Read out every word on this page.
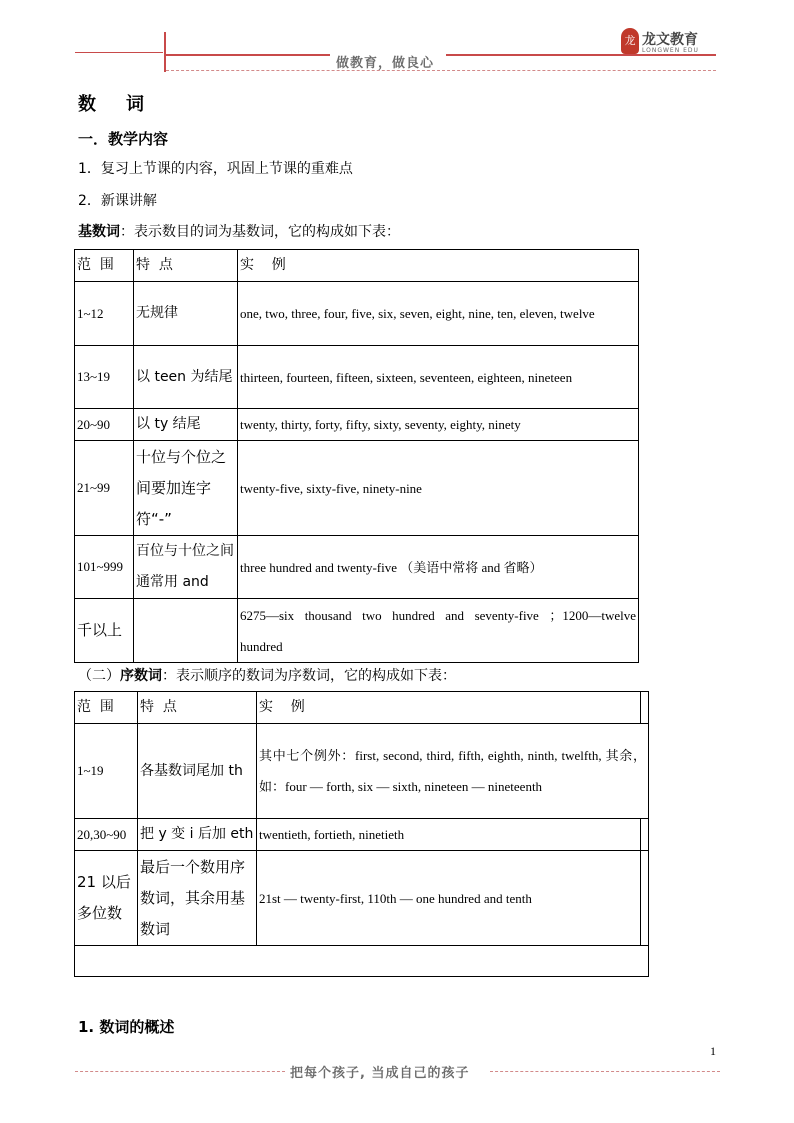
做教育，做良心
龙 龙文教育
LONGWEN EDU
数 词
一．教学内容
1．复习上节课的内容，巩固上节课的重难点
2．新课讲解
基数词：表示数目的词为基数词，它的构成如下表：
范  围	特  点	实    例
1~12	无规律	one, two, three, four, five, six, seven, eight, nine, ten, eleven, twelve
13~19	以 teen 为结尾	thirteen, fourteen, fifteen, sixteen, seventeen, eighteen, nineteen
20~90	以 ty 结尾	twenty, thirty, forty, fifty, sixty, seventy, eighty, ninety
21~99	十位与个位之间要加连字符“-”	twenty-five, sixty-five, ninety-nine
101~999	百位与十位之间通常用 and	three hundred and twenty-five （美语中常将 and 省略）
千以上		6275—six thousand two hundred and seventy-five ；1200—twelve hundred
（二）序数词：表示顺序的数词为序数词，它的构成如下表：
范  围	特  点	实    例	
1~19	各基数词尾加 th	其中七个例外：first, second, third, fifth, eighth, ninth, twelfth, 其余，如：four — forth, six — sixth, nineteen — nineteenth	
20,30~90	把 y 变 i 后加 eth	twentieth, fortieth, ninetieth	
21 以后多位数	最后一个数用序数词，其余用基数词	21st — twenty-first, 110th — one hundred and tenth	

1. 数词的概述
1
把每个孩子, 当成自己的孩子
